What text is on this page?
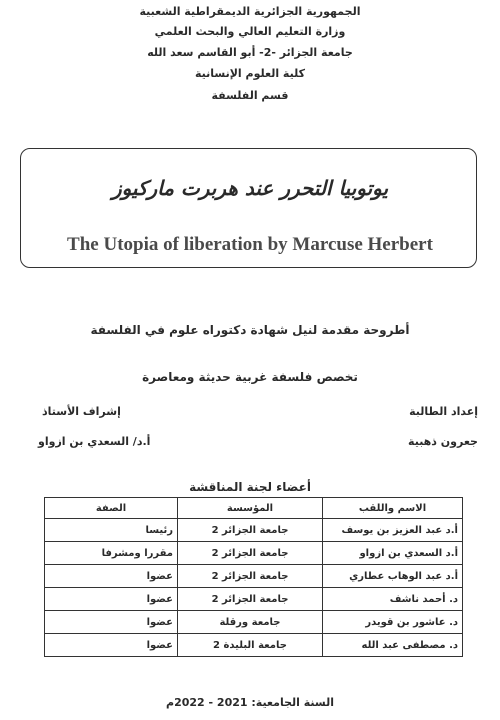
الجمهورية الجزائرية الديمقراطية الشعبية
وزارة التعليم العالي والبحث العلمي
جامعة الجزائر -2- أبو القاسم سعد الله
كلية العلوم الإنسانية
قسم الفلسفة
يوتوبيا التحرر عند هربرت ماركيوز
The Utopia of liberation by Marcuse Herbert
أطروحة مقدمة لنيل شهادة دكتوراه علوم في الفلسفة
تخصص فلسفة غربية حديثة ومعاصرة
إعداد الطالبة
جعرون ذهبية
إشراف الأستاذ
أ.د/ السعدي بن ازواو
أعضاء لجنة المناقشة
الاسم واللقب	المؤسسة	الصفة
أ.د عبد العزيز بن يوسف	جامعة الجزائر 2	رئيسا
أ.د السعدي بن ازواو	جامعة الجزائر 2	مقررا ومشرفا
أ.د عبد الوهاب عطاري	جامعة الجزائر 2	عضوا
د. أحمد ناشف	جامعة الجزائر 2	عضوا
د. عاشور بن قويدر	جامعة ورقلة	عضوا
د. مصطفى عبد الله	جامعة البليدة 2	عضوا
السنة الجامعية: 2021 - 2022م
